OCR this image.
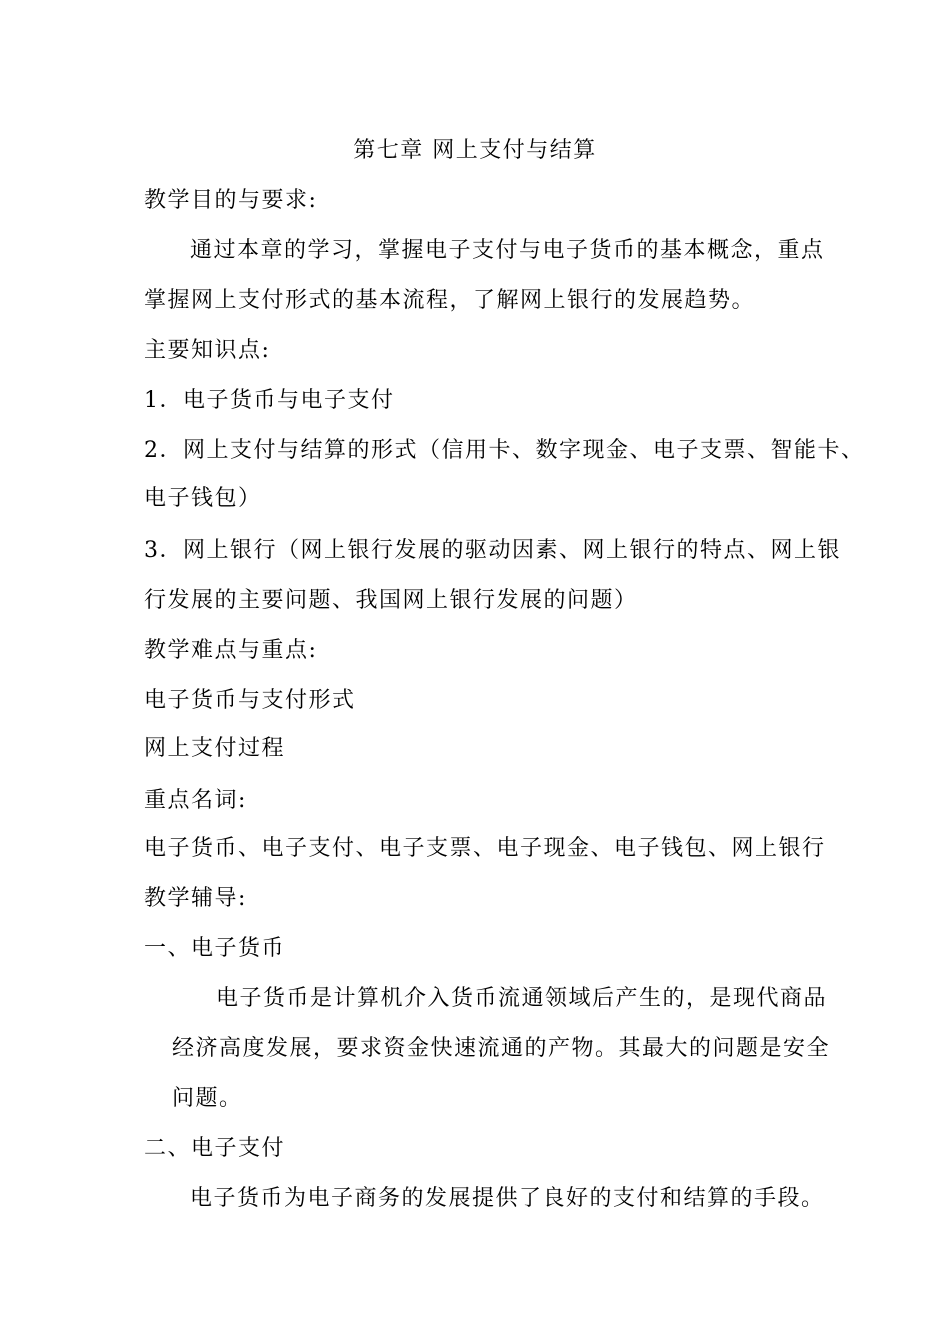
第七章 网上支付与结算
教学目的与要求:
通过本章的学习，掌握电子支付与电子货币的基本概念，重点
掌握网上支付形式的基本流程，了解网上银行的发展趋势。
主要知识点:
1．电子货币与电子支付
2．网上支付与结算的形式（信用卡、数字现金、电子支票、智能卡、
电子钱包）
3．网上银行（网上银行发展的驱动因素、网上银行的特点、网上银
行发展的主要问题、我国网上银行发展的问题）
教学难点与重点:
电子货币与支付形式
网上支付过程
重点名词:
电子货币、电子支付、电子支票、电子现金、电子钱包、网上银行
教学辅导:
一、电子货币
电子货币是计算机介入货币流通领域后产生的，是现代商品
经济高度发展，要求资金快速流通的产物。其最大的问题是安全
问题。
二、电子支付
电子货币为电子商务的发展提供了良好的支付和结算的手段。
